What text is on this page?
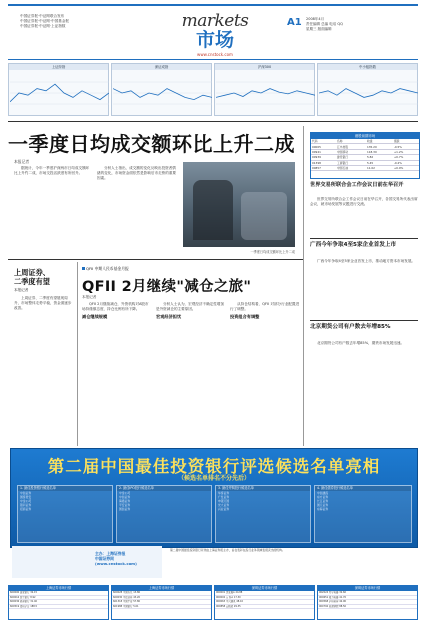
中国证券报·中证网联合发布
中国证券报·中证网·中国基金报
中国证券报·中证网·上证指数	markets
市场
A1 2008年4月
责任编辑 总编 电话 QQ
星期三 版面编辑
www.cnstock.com
上证综指	深证成指	沪深300	中小板指数
一季度日均成交额环比上升二成
本报记者
据统计，今年一季度沪深两市日均成交额环比上升约二成，市场交投活跃度有所回升。
分析人士指出，成交额的变化反映出投资者情绪的变化，市场资金面依然是影响后市走势的重要因素。
一季度日均成交额环比上升二成
上周证券、
二季度有望
本报记者
上周证券、二季度有望展现周升，市场整体走势平稳，资金面逐步改善。
QFII 中期人民币基金月报
QFII 2月继续"减仓之旅"
本报记者
QFII 2月继续减仓，外资机构对A股市场持谨慎态度，持仓比例有所下降。
减仓继续规模
分析人士认为，宏观经济不确定性增加是外资减仓的主要原因。
宏观经济担忧
从持仓结构看，QFII 对部分行业配置进行了调整。
投资组合有调整
港股前期市场
代码	名称	收盘	涨跌
00005	汇丰控股	135.20	-0.5%
00941	中国移动	118.30	+1.2%
00939	建设银行	5.82	+0.7%
01398	工商银行	5.45	-0.2%
00857	中国石油	11.02	+0.9%
世界交易所联合会工作会议日前在华召开
世界交易所联合会工作会议日前在华召开，各国交易所代表出席会议，就市场发展等议题进行交流。
广西今年争取4至5家企业首发上市
广西今年争取4至5家企业首发上市，推动地方资本市场发展。
北京期货公司有户数去年增85%
北京期货公司有户数去年增85%，期货市场发展迅速。
第二届中国最佳投资银行评选候选名单亮相
（候选名单排名不分先后）
1. 最佳投资银行候选名单
中信证券
国泰君安
中金公司
银河证券
招商证券
2. 最佳IPO投行候选名单
中金公司
中信证券
海通证券
平安证券
国信证券
3. 最佳并购投行候选名单
华泰证券
广发证券
申银万国
光大证券
兴业证券
4. 最佳债券投行候选名单
中信建投
东方证券
长江证券
国元证券
东海证券
主办：上海证券报
中国证券网
(www.cnstock.com)
第二届中国最佳投资银行评选由上海证券报主办，旨在表彰在投行业务领域表现突出的机构。
上海证券市场行情
600000 浦发银行 32.15
600016 民生银行 8.92
600036 招商银行 31.40
600519 贵州茅台 188.5
上海证券市场行情
600028 中国石化 13.86
600030 中信证券 43.20
601318 中国平安 57.80
601988 中国银行 5.01
深圳证券市场行情
000001 深发展A 24.88
000002 万 科A 17.30
000063 中兴通讯 48.10
000858 五粮液 29.35
深圳证券市场行情
002024 苏宁电器 32.60
000651 格力电器 41.70
000568 泸州老窖 42.90
000792 盐湖钾肥 88.50
